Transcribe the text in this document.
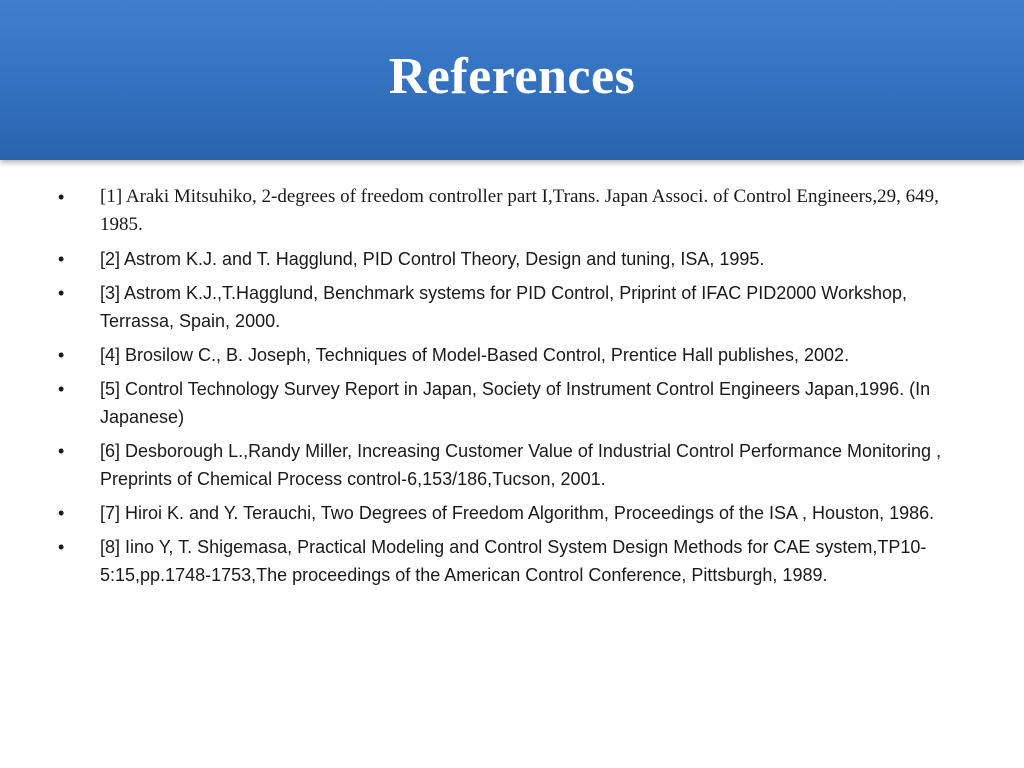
References
• [1] Araki Mitsuhiko, 2-degrees of freedom controller part I,Trans. Japan Associ. of Control Engineers,29, 649, 1985.
• [2] Astrom K.J. and T. Hagglund, PID Control Theory, Design and tuning, ISA, 1995.
• [3] Astrom K.J.,T.Hagglund, Benchmark systems for PID Control, Priprint of IFAC PID2000 Workshop, Terrassa, Spain, 2000.
• [4] Brosilow C., B. Joseph, Techniques of Model-Based Control, Prentice Hall publishes, 2002.
• [5] Control Technology Survey Report in Japan, Society of Instrument Control Engineers Japan,1996. (In Japanese)
• [6] Desborough L.,Randy Miller, Increasing Customer Value of Industrial Control Performance Monitoring , Preprints of Chemical Process control-6,153/186,Tucson, 2001.
• [7] Hiroi K. and Y. Terauchi, Two Degrees of Freedom Algorithm, Proceedings of the ISA , Houston, 1986.
• [8] Iino Y, T. Shigemasa, Practical Modeling and Control System Design Methods for CAE system,TP10-5:15,pp.1748-1753,The proceedings of the American Control Conference, Pittsburgh, 1989.
